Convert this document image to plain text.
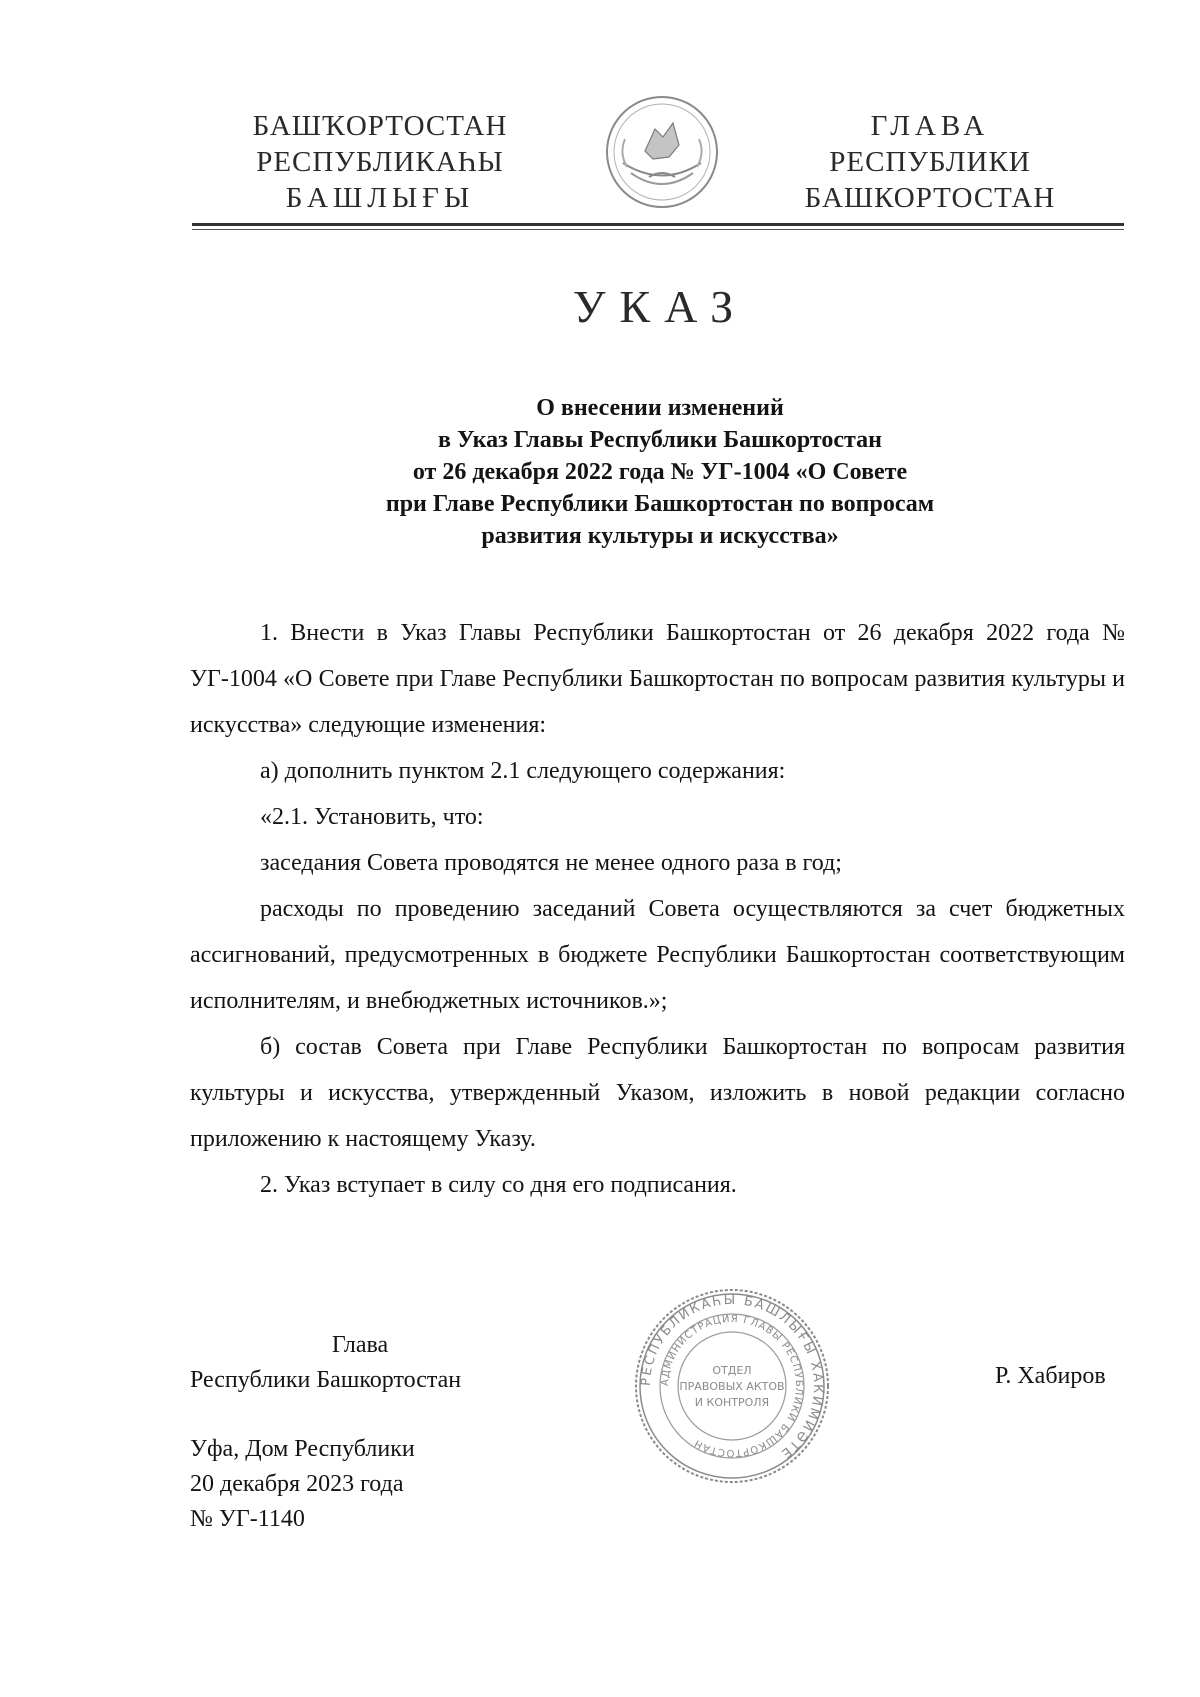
БАШҠОРТОСТАН
РЕСПУБЛИКАҺЫ
БАШЛЫҒЫ
ГЛАВА
РЕСПУБЛИКИ
БАШКОРТОСТАН
УКАЗ
О внесении изменений
в Указ Главы Республики Башкортостан
от 26 декабря 2022 года № УГ-1004 «О Совете
при Главе Республики Башкортостан по вопросам
развития культуры и искусства»

1. Внести в Указ Главы Республики Башкортостан от 26 декабря 2022 года № УГ-1004 «О Совете при Главе Республики Башкортостан по вопросам развития культуры и искусства» следующие изменения:

а) дополнить пунктом 2.1 следующего содержания:

«2.1. Установить, что:

заседания Совета проводятся не менее одного раза в год;

расходы по проведению заседаний Совета осуществляются за счет бюджетных ассигнований, предусмотренных в бюджете Республики Башкортостан соответствующим исполнителям, и внебюджетных источников.»;

б) состав Совета при Главе Республики Башкортостан по вопросам развития культуры и искусства, утвержденный Указом, изложить в новой редакции согласно приложению к настоящему Указу.

2. Указ вступает в силу со дня его подписания.

Глава
Республики Башкортостан	РЕСПУБЛИКАҺЫ БАШЛЫҒЫ ХАКИМИӘТЕ
АДМИНИСТРАЦИЯ ГЛАВЫ РЕСПУБЛИКИ БАШКОРТОСТАН
ОТДЕЛ
ПРАВОВЫХ АКТОВ
И КОНТРОЛЯ
Р. Хабиров
Уфа, Дом Республики
20 декабря 2023 года
№ УГ-1140
